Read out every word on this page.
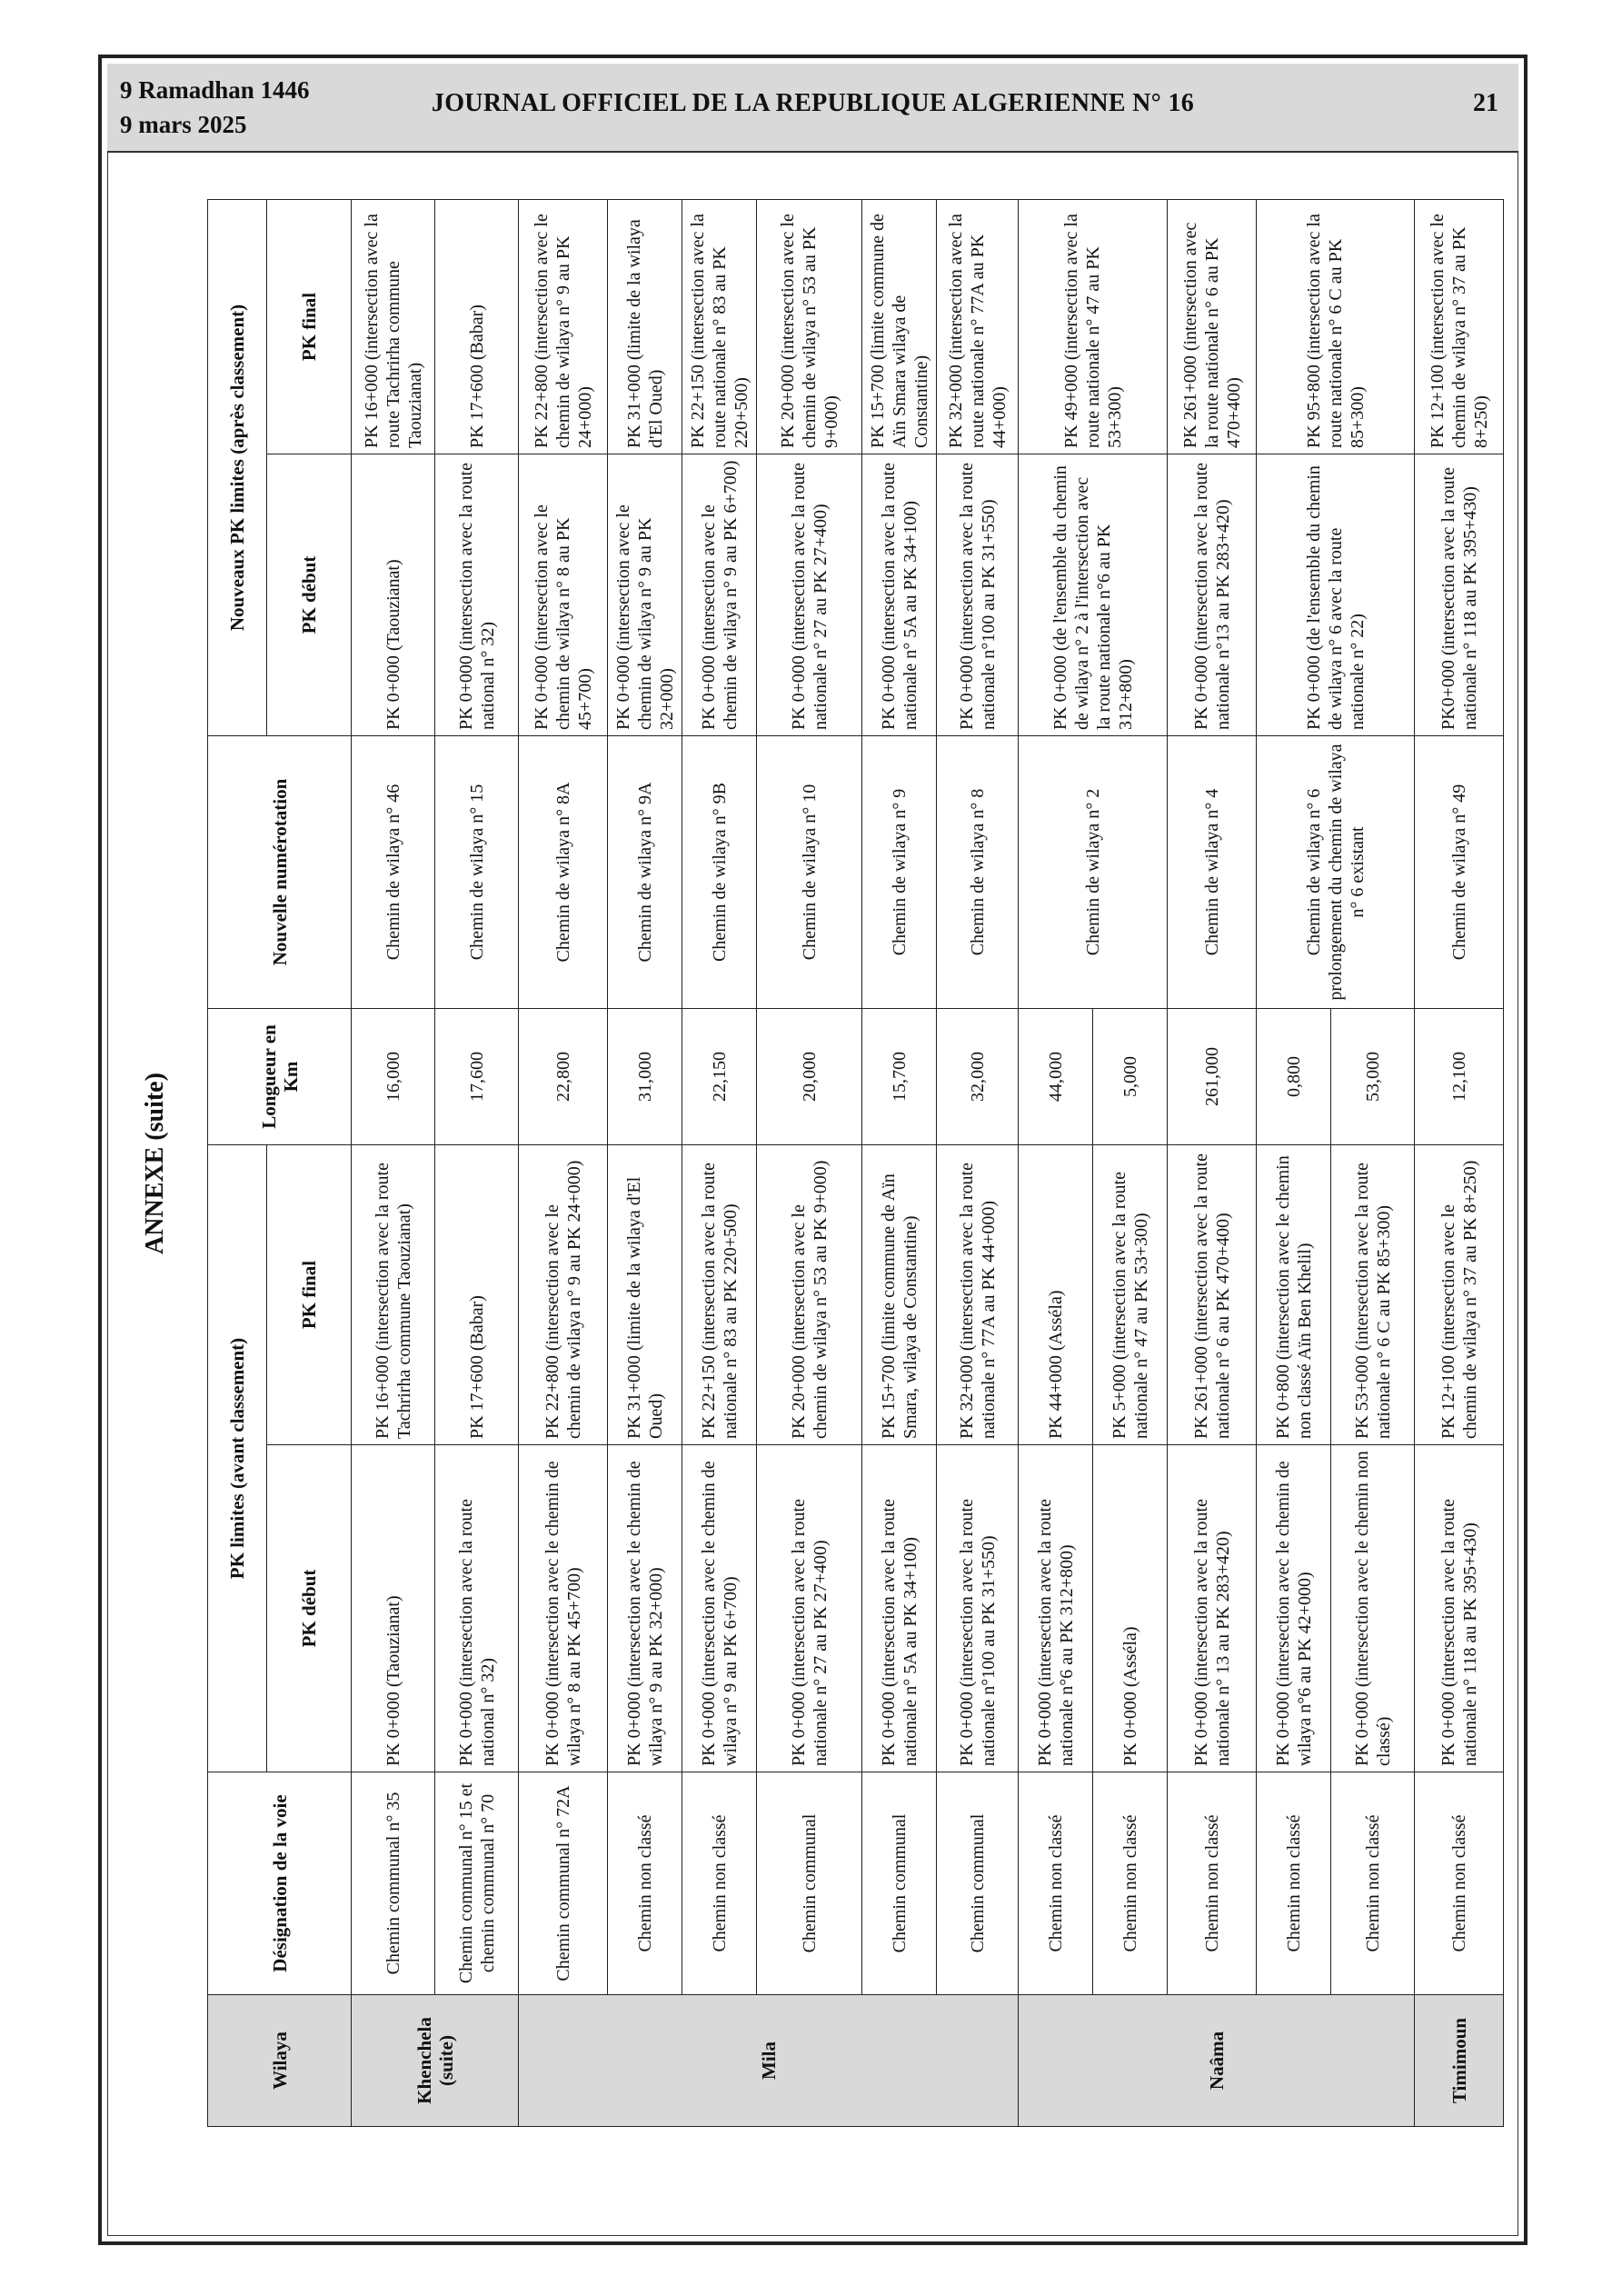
9 Ramadhan 1446
9 mars 2025
JOURNAL OFFICIEL DE LA REPUBLIQUE ALGERIENNE N° 16	21
ANNEXE (suite)
Wilaya	Désignation de la voie	PK limites (avant classement)		Longueur en Km	Nouvelle numérotation	Nouveaux PK limites (après classement)	
		PK début	PK final			PK début	PK final
Khenchela (suite)	Chemin communal n° 35	PK 0+000 (Taouzianat)	PK 16+000 (intersection avec la route Tachrirha commune Taouzianat)	16,000	Chemin de wilaya n° 46	PK 0+000 (Taouzianat)	PK 16+000 (intersection avec la route Tachrirha commune Taouzianat)
	Chemin communal n° 15 et chemin communal n° 70	PK 0+000 (intersection avec la route national n° 32)	PK 17+600 (Babar)	17,600	Chemin de wilaya n° 15	PK 0+000 (intersection avec la route national n° 32)	PK 17+600 (Babar)
Mila	Chemin communal n° 72A	PK 0+000 (intersection avec le chemin de wilaya n° 8 au PK 45+700)	PK 22+800 (intersection avec le chemin de wilaya n° 9 au PK 24+000)	22,800	Chemin de wilaya n° 8A	PK 0+000 (intersection avec le chemin de wilaya n° 8 au PK 45+700)	PK 22+800 (intersection avec le chemin de wilaya n° 9 au PK 24+000)
	Chemin non classé	PK 0+000 (intersection avec le chemin de wilaya n° 9 au PK 32+000)	PK 31+000 (limite de la wilaya d'El Oued)	31,000	Chemin de wilaya n° 9A	PK 0+000 (intersection avec le chemin de wilaya n° 9 au PK 32+000)	PK 31+000 (limite de la wilaya d'El Oued)
	Chemin non classé	PK 0+000 (intersection avec le chemin de wilaya n° 9 au PK 6+700)	PK 22+150 (intersection avec la route nationale n° 83 au PK 220+500)	22,150	Chemin de wilaya n° 9B	PK 0+000 (intersection avec le chemin de wilaya n° 9 au PK 6+700)	PK 22+150 (intersection avec la route nationale n° 83 au PK 220+500)
	Chemin communal	PK 0+000 (intersection avec la route nationale n° 27 au PK 27+400)	PK 20+000 (intersection avec le chemin de wilaya n° 53 au PK 9+000)	20,000	Chemin de wilaya n° 10	PK 0+000 (intersection avec la route nationale n° 27 au PK 27+400)	PK 20+000 (intersection avec le chemin de wilaya n° 53 au PK 9+000)
	Chemin communal	PK 0+000 (intersection avec la route nationale n° 5A au PK 34+100)	PK 15+700 (limite commune de Aïn Smara, wilaya de Constantine)	15,700	Chemin de wilaya n° 9	PK 0+000 (intersection avec la route nationale n° 5A au PK 34+100)	PK 15+700 (limite commune de Aïn Smara wilaya de Constantine)
	Chemin communal	PK 0+000 (intersection avec la route nationale n°100 au PK 31+550)	PK 32+000 (intersection avec la route nationale n° 77A au PK 44+000)	32,000	Chemin de wilaya n° 8	PK 0+000 (intersection avec la route nationale n°100 au PK 31+550)	PK 32+000 (intersection avec la route nationale n° 77A au PK 44+000)
Naâma	Chemin non classé	PK 0+000 (intersection avec la route nationale n°6 au PK 312+800)	PK 44+000 (Asséla)	44,000	Chemin de wilaya n° 2	PK 0+000 (de l'ensemble du chemin de wilaya n° 2 à l'intersection avec la route nationale n°6 au PK 312+800)	PK 49+000 (intersection avec la route nationale n° 47 au PK 53+300)
	Chemin non classé	PK 0+000 (Asséla)	PK 5+000 (intersection avec la route nationale n° 47 au PK 53+300)	5,000			
	Chemin non classé	PK 0+000 (intersection avec la route nationale n° 13 au PK 283+420)	PK 261+000 (intersection avec la route nationale n° 6 au PK 470+400)	261,000	Chemin de wilaya n° 4	PK 0+000 (intersection avec la route nationale n°13 au PK 283+420)	PK 261+000 (intersection avec la route nationale n° 6 au PK 470+400)
	Chemin non classé	PK 0+000 (intersection avec le chemin de wilaya n°6 au PK 42+000)	PK 0+800 (intersection avec le chemin non classé Aïn Ben Khelil)	0,800	Chemin de wilaya n° 6 prolongement du chemin de wilaya n° 6 existant	PK 0+000 (de l'ensemble du chemin de wilaya n° 6 avec la route nationale n° 22)	PK 95+800 (intersection avec la route nationale n° 6 C au PK 85+300)
	Chemin non classé	PK 0+000 (intersection avec le chemin non classé)	PK 53+000 (intersection avec la route nationale n° 6 C au PK 85+300)	53,000			
Timimoun	Chemin non classé	PK 0+000 (intersection avec la route nationale n° 118 au PK 395+430)	PK 12+100 (intersection avec le chemin de wilaya n° 37 au PK 8+250)	12,100	Chemin de wilaya n° 49	PK0+000 (intersection avec la route nationale n° 118 au PK 395+430)	PK 12+100 (intersection avec le chemin de wilaya n° 37 au PK 8+250)
